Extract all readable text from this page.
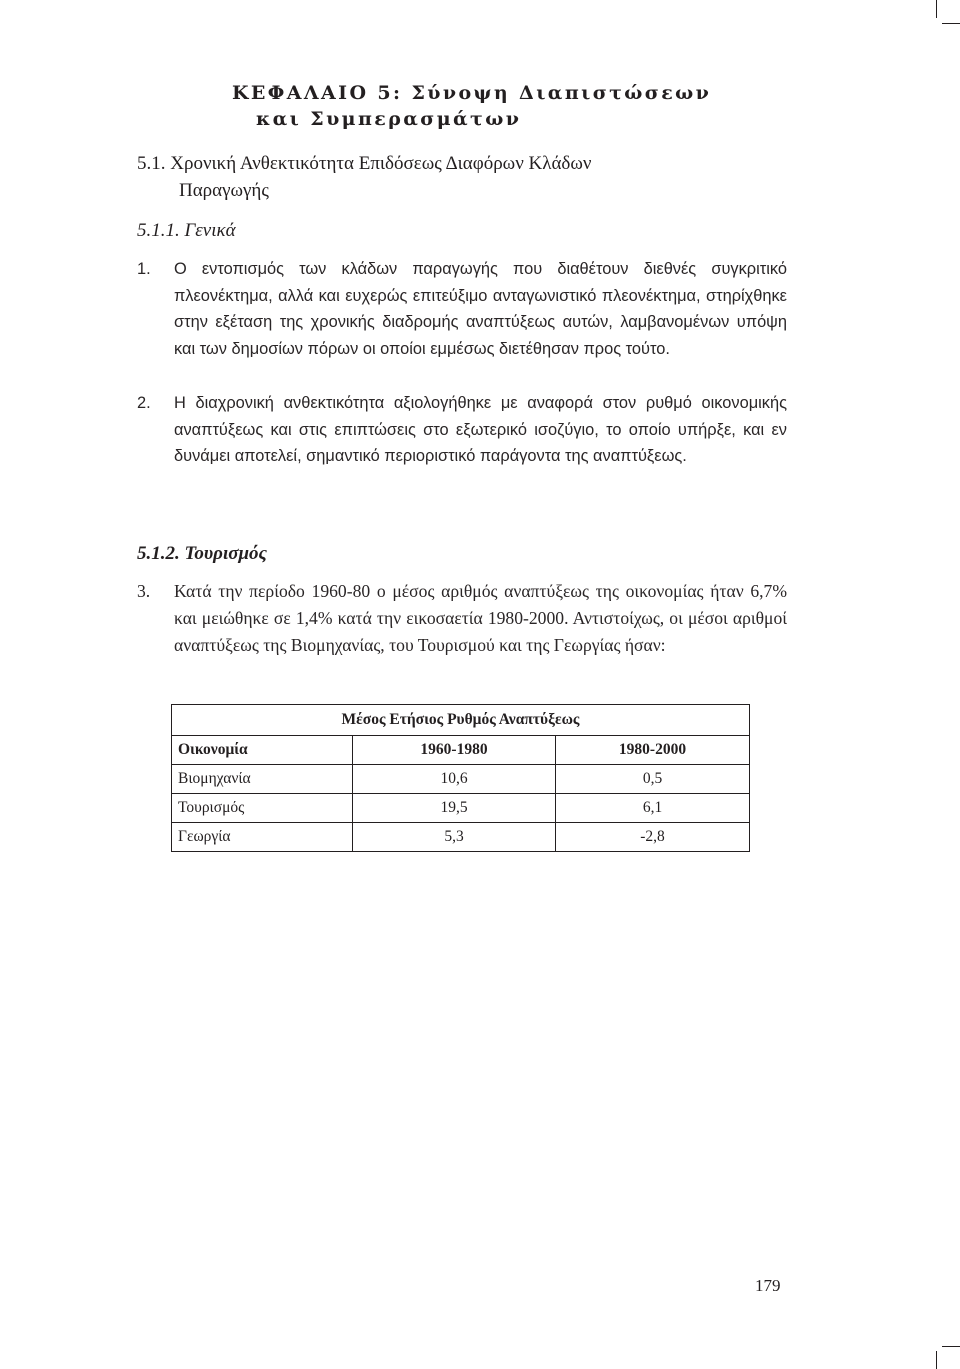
ΚΕΦΑΛΑΙΟ 5: Σύνοψη Διαπιστώσεων
και Συμπερασμάτων
5.1. Χρονική Ανθεκτικότητα Επιδόσεως Διαφόρων Κλάδων
Παραγωγής
5.1.1. Γενικά
1. Ο εντοπισμός των κλάδων παραγωγής που διαθέτουν διεθνές συγκριτικό πλεονέκτημα, αλλά και ευχερώς επιτεύξιμο ανταγωνιστικό πλεονέκτημα, στηρίχθηκε στην εξέταση της χρονικής διαδρομής αναπτύξεως αυτών, λαμβανομένων υπόψη και των δημοσίων πόρων οι οποίοι εμμέσως διετέθησαν προς τούτο.
2. Η διαχρονική ανθεκτικότητα αξιολογήθηκε με αναφορά στον ρυθμό οικονομικής αναπτύξεως και στις επιπτώσεις στο εξωτερικό ισοζύγιο, το οποίο υπήρξε, και εν δυνάμει αποτελεί, σημαντικό περιοριστικό παράγοντα της αναπτύξεως.
5.1.2. Τουρισμός
3. Κατά την περίοδο 1960-80 ο μέσος αριθμός αναπτύξεως της οικονομίας ήταν 6,7% και μειώθηκε σε 1,4% κατά την εικοσαετία 1980-2000. Αντιστοίχως, οι μέσοι αριθμοί αναπτύξεως της Βιομηχανίας, του Τουρισμού και της Γεωργίας ήσαν:
Μέσος Ετήσιος Ρυθμός Αναπτύξεως		
Οικονομία	1960-1980	1980-2000
Βιομηχανία	10,6	0,5
Τουρισμός	19,5	6,1
Γεωργία	5,3	-2,8
179
